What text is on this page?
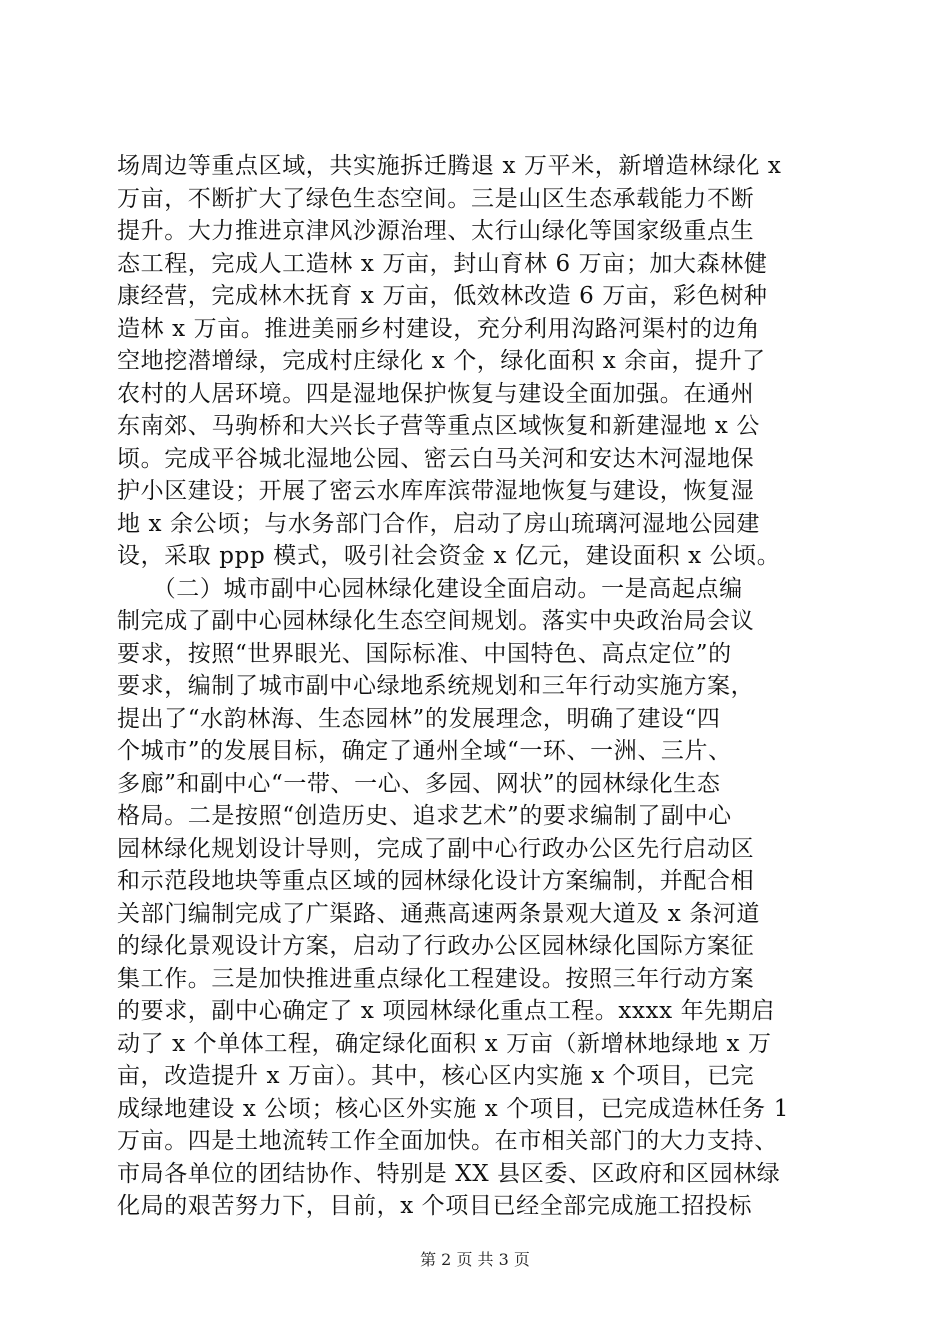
场周边等重点区域，共实施拆迁腾退 x 万平米，新增造林绿化 x
万亩，不断扩大了绿色生态空间。三是山区生态承载能力不断
提升。大力推进京津风沙源治理、太行山绿化等国家级重点生
态工程，完成人工造林 x 万亩，封山育林 6 万亩；加大森林健
康经营，完成林木抚育 x 万亩，低效林改造 6 万亩，彩色树种
造林 x 万亩。推进美丽乡村建设，充分利用沟路河渠村的边角
空地挖潜增绿，完成村庄绿化 x 个，绿化面积 x 余亩，提升了
农村的人居环境。四是湿地保护恢复与建设全面加强。在通州
东南郊、马驹桥和大兴长子营等重点区域恢复和新建湿地 x 公
顷。完成平谷城北湿地公园、密云白马关河和安达木河湿地保
护小区建设；开展了密云水库库滨带湿地恢复与建设，恢复湿
地 x 余公顷；与水务部门合作，启动了房山琉璃河湿地公园建
设，采取 ppp 模式，吸引社会资金 x 亿元，建设面积 x 公顷。
　　（二）城市副中心园林绿化建设全面启动。一是高起点编
制完成了副中心园林绿化生态空间规划。落实中央政治局会议
要求，按照“世界眼光、国际标准、中国特色、高点定位”的
要求，编制了城市副中心绿地系统规划和三年行动实施方案，
提出了“水韵林海、生态园林”的发展理念，明确了建设“四
个城市”的发展目标，确定了通州全域“一环、一洲、三片、
多廊”和副中心“一带、一心、多园、网状”的园林绿化生态
格局。二是按照“创造历史、追求艺术”的要求编制了副中心
园林绿化规划设计导则，完成了副中心行政办公区先行启动区
和示范段地块等重点区域的园林绿化设计方案编制，并配合相
关部门编制完成了广渠路、通燕高速两条景观大道及 x 条河道
的绿化景观设计方案，启动了行政办公区园林绿化国际方案征
集工作。三是加快推进重点绿化工程建设。按照三年行动方案
的要求，副中心确定了 x 项园林绿化重点工程。xxxx 年先期启
动了 x 个单体工程，确定绿化面积 x 万亩（新增林地绿地 x 万
亩，改造提升 x 万亩）。其中，核心区内实施 x 个项目，已完
成绿地建设 x 公顷；核心区外实施 x 个项目，已完成造林任务 1
万亩。四是土地流转工作全面加快。在市相关部门的大力支持、
市局各单位的团结协作、特别是 XX 县区委、区政府和区园林绿
化局的艰苦努力下，目前，x 个项目已经全部完成施工招投标
第 2 页 共 3 页
